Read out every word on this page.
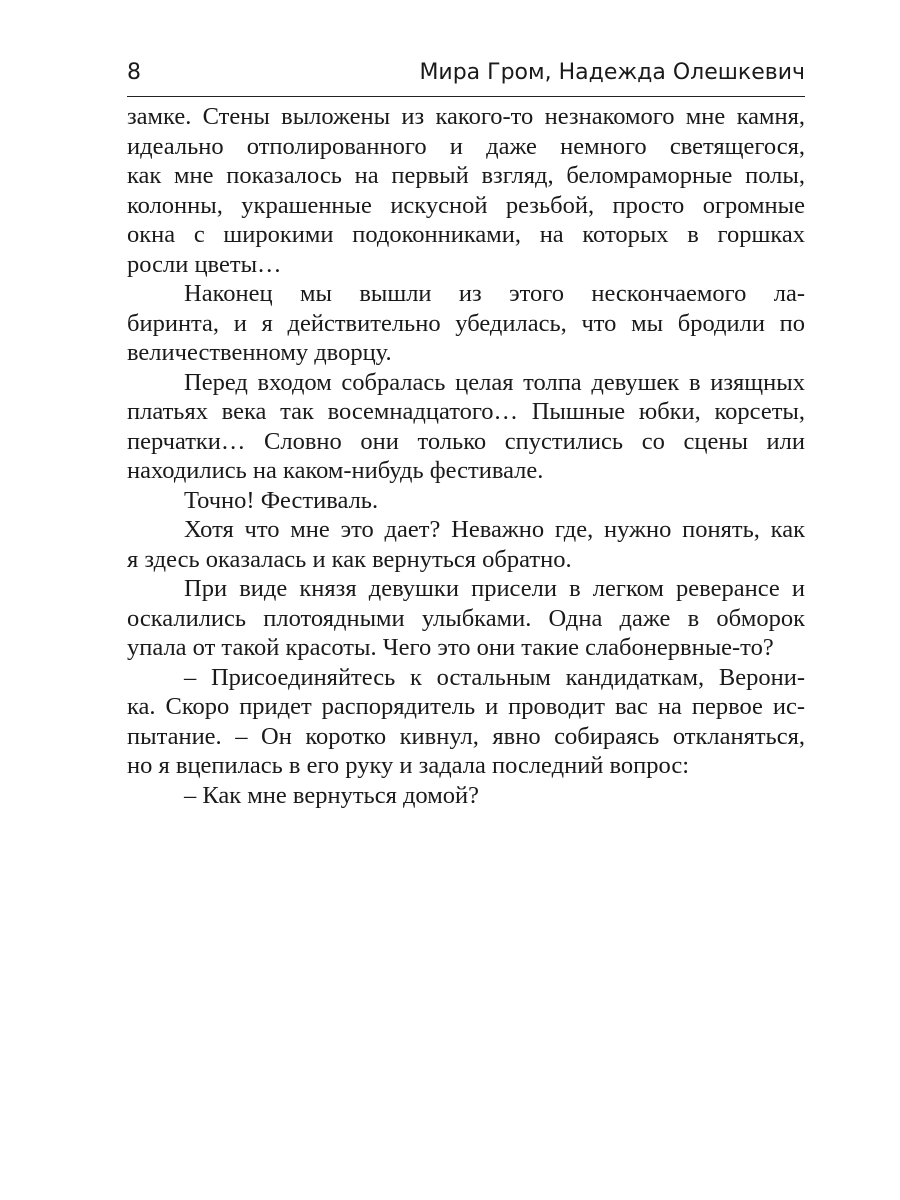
8	Мира Гром, Надежда Олешкевич
замке. Стены выложены из какого-то незнакомого мне камня,
идеально отполированного и даже немного светящегося,
как мне показалось на первый взгляд, беломраморные полы,
колонны, украшенные искусной резьбой, просто огромные
окна с широкими подоконниками, на которых в горшках
росли цветы…
Наконец мы вышли из этого нескончаемого ла-
биринта, и я действительно убедилась, что мы бродили по
величественному дворцу.
Перед входом собралась целая толпа девушек в изящных
платьях века так восемнадцатого… Пышные юбки, корсеты,
перчатки… Словно они только спустились со сцены или
находились на каком-нибудь фестивале.
Точно! Фестиваль.
Хотя что мне это дает? Неважно где, нужно понять, как
я здесь оказалась и как вернуться обратно.
При виде князя девушки присели в легком реверансе и
оскалились плотоядными улыбками. Одна даже в обморок
упала от такой красоты. Чего это они такие слабонервные-то?
– Присоединяйтесь к остальным кандидаткам, Верони-
ка. Скоро придет распорядитель и проводит вас на первое ис-
пытание. – Он коротко кивнул, явно собираясь откланяться,
но я вцепилась в его руку и задала последний вопрос:
– Как мне вернуться домой?
